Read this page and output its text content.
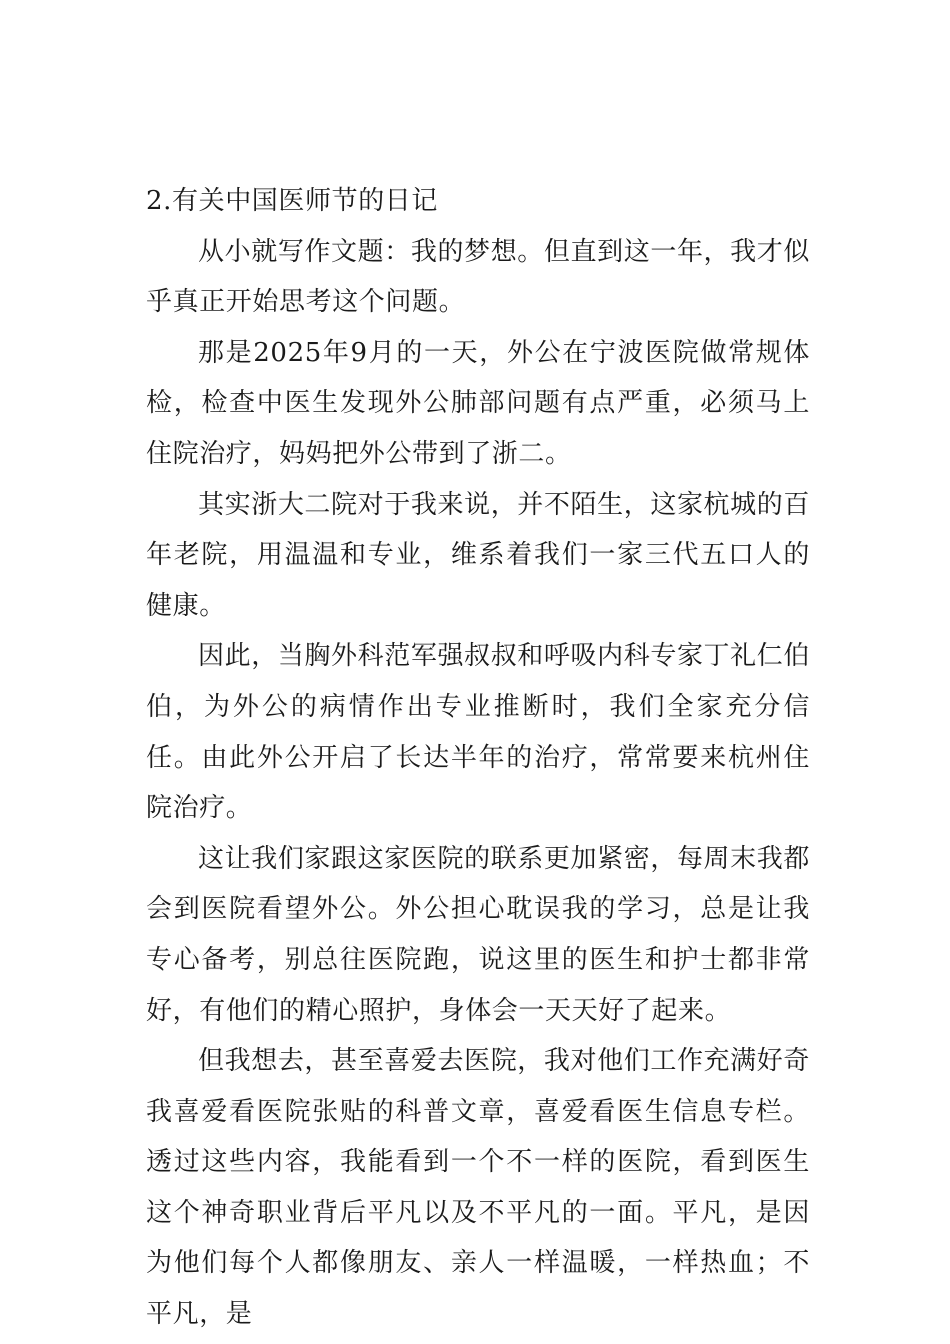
2.有关中国医师节的日记

从小就写作文题：我的梦想。但直到这一年，我才似乎真正开始思考这个问题。

那是2025年9月的一天，外公在宁波医院做常规体检，检查中医生发现外公肺部问题有点严重，必须马上住院治疗，妈妈把外公带到了浙二。

其实浙大二院对于我来说，并不陌生，这家杭城的百年老院，用温温和专业，维系着我们一家三代五口人的健康。

因此，当胸外科范军强叔叔和呼吸内科专家丁礼仁伯伯，为外公的病情作出专业推断时，我们全家充分信任。由此外公开启了长达半年的治疗，常常要来杭州住院治疗。

这让我们家跟这家医院的联系更加紧密，每周末我都会到医院看望外公。外公担心耽误我的学习，总是让我专心备考，别总往医院跑，说这里的医生和护士都非常好，有他们的精心照护，身体会一天天好了起来。

但我想去，甚至喜爱去医院，我对他们工作充满好奇我喜爱看医院张贴的科普文章，喜爱看医生信息专栏。透过这些内容，我能看到一个不一样的医院，看到医生这个神奇职业背后平凡以及不平凡的一面。平凡，是因为他们每个人都像朋友、亲人一样温暖，一样热血；不平凡，是
